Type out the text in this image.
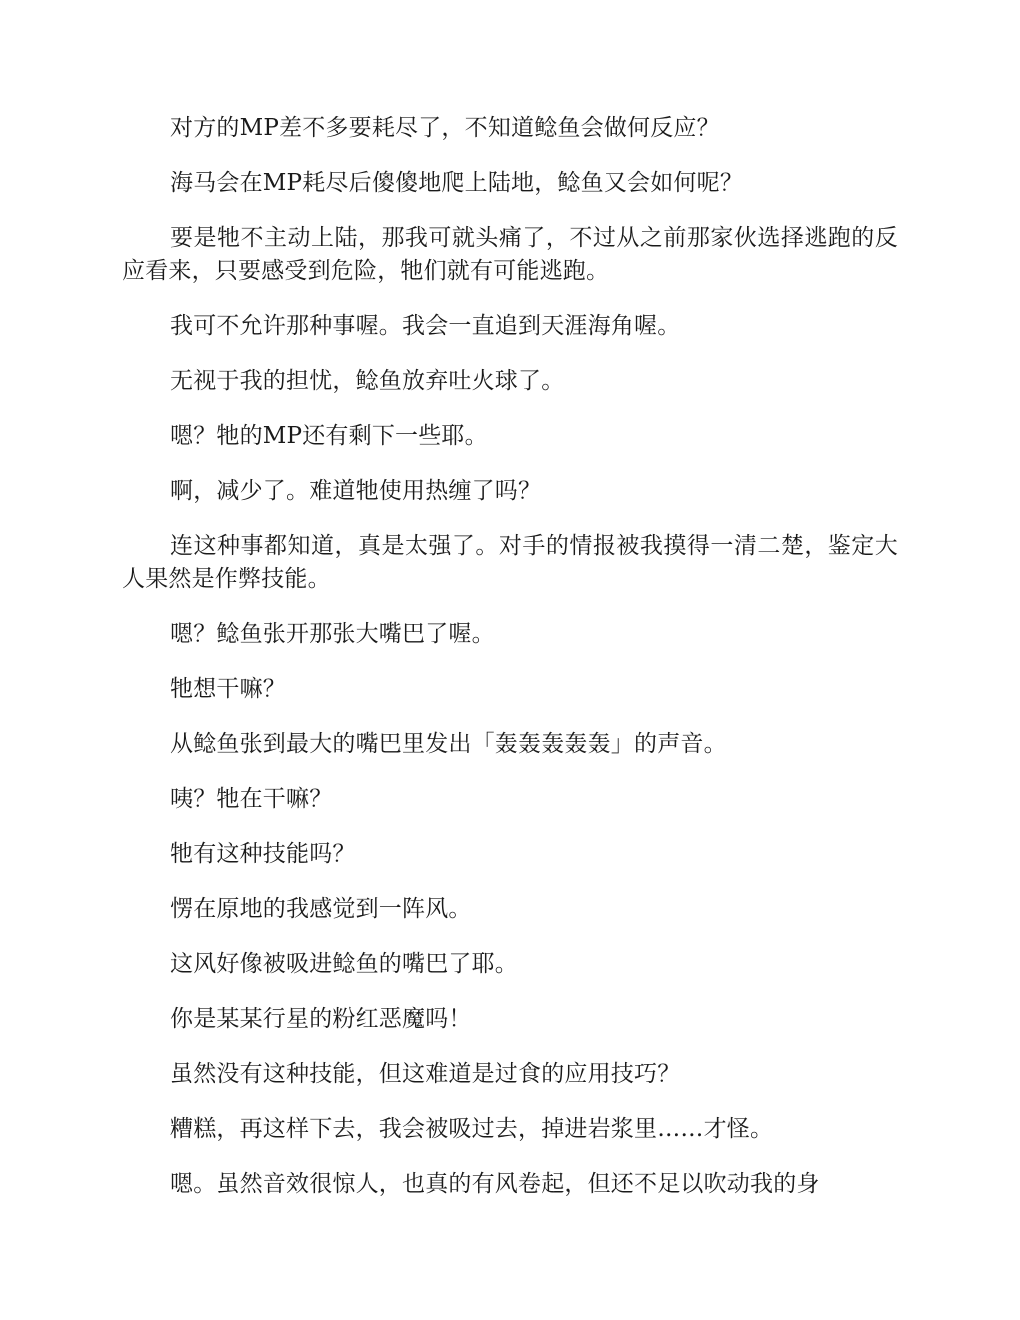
对方的MP差不多要耗尽了，不知道鲶鱼会做何反应？

海马会在MP耗尽后傻傻地爬上陆地，鲶鱼又会如何呢？

要是牠不主动上陆，那我可就头痛了，不过从之前那家伙选择逃跑的反应看来，只要感受到危险，牠们就有可能逃跑。

我可不允许那种事喔。我会一直追到天涯海角喔。

无视于我的担忧，鲶鱼放弃吐火球了。

嗯？牠的MP还有剩下一些耶。

啊，减少了。难道牠使用热缠了吗？

连这种事都知道，真是太强了。对手的情报被我摸得一清二楚，鉴定大人果然是作弊技能。

嗯？鲶鱼张开那张大嘴巴了喔。

牠想干嘛？

从鲶鱼张到最大的嘴巴里发出「轰轰轰轰轰」的声音。

咦？牠在干嘛？

牠有这种技能吗？

愣在原地的我感觉到一阵风。

这风好像被吸进鲶鱼的嘴巴了耶。

你是某某行星的粉红恶魔吗！

虽然没有这种技能，但这难道是过食的应用技巧？

糟糕，再这样下去，我会被吸过去，掉进岩浆里……才怪。

嗯。虽然音效很惊人，也真的有风卷起，但还不足以吹动我的身
